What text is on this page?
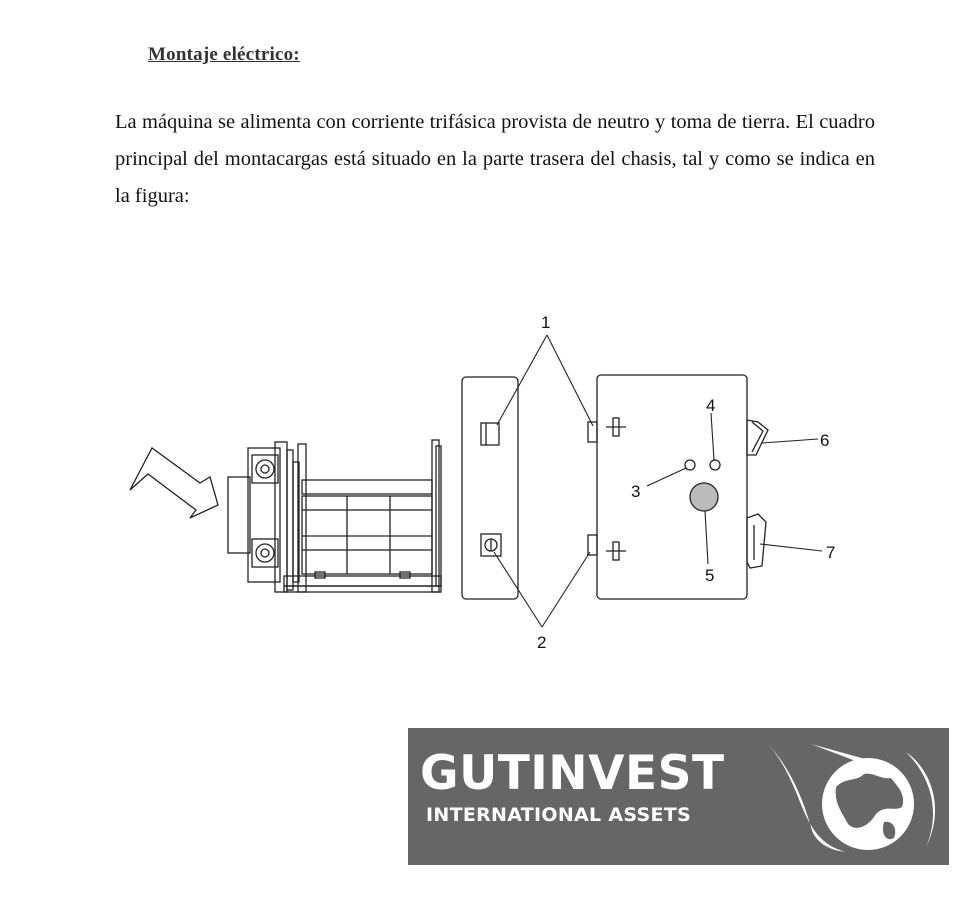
Montaje eléctrico:
La máquina se alimenta con corriente trifásica provista de neutro y toma de tierra. El cuadro principal del montacargas está situado en la parte trasera del chasis, tal y como se indica en la figura:
1
2
3
4
5
6
7
GUTINVEST
INTERNATIONAL ASSETS
